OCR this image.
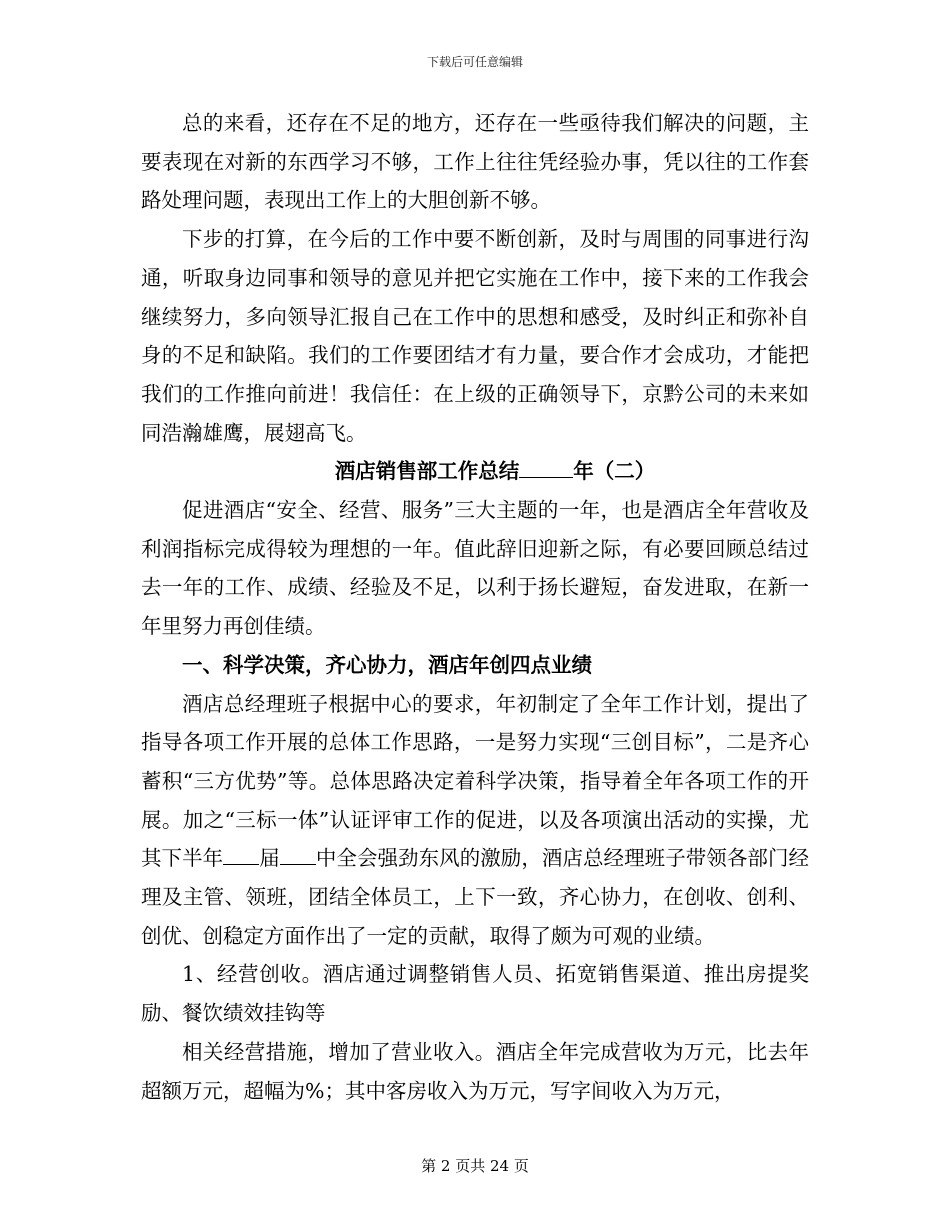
下载后可任意编辑

总的来看，还存在不足的地方，还存在一些亟待我们解决的问题，主要表现在对新的东西学习不够，工作上往往凭经验办事，凭以往的工作套路处理问题，表现出工作上的大胆创新不够。

下步的打算，在今后的工作中要不断创新，及时与周围的同事进行沟通，听取身边同事和领导的意见并把它实施在工作中，接下来的工作我会继续努力，多向领导汇报自己在工作中的思想和感受，及时纠正和弥补自身的不足和缺陷。我们的工作要团结才有力量，要合作才会成功，才能把我们的工作推向前进！我信任：在上级的正确领导下，京黔公司的未来如同浩瀚雄鹰，展翅高飞。

酒店销售部工作总结	年（二）

促进酒店“安全、经营、服务”三大主题的一年，也是酒店全年营收及利润指标完成得较为理想的一年。值此辞旧迎新之际，有必要回顾总结过去一年的工作、成绩、经验及不足，以利于扬长避短，奋发进取，在新一年里努力再创佳绩。

一、科学决策，齐心协力，酒店年创四点业绩

酒店总经理班子根据中心的要求，年初制定了全年工作计划，提出了指导各项工作开展的总体工作思路，一是努力实现“三创目标”，二是齐心蓄积“三方优势”等。总体思路决定着科学决策，指导着全年各项工作的开展。加之“三标一体”认证评审工作的促进，以及各项演出活动的实操，尤其下半年 届 中全会强劲东风的激励，酒店总经理班子带领各部门经理及主管、领班，团结全体员工，上下一致，齐心协力，在创收、创利、创优、创稳定方面作出了一定的贡献，取得了颇为可观的业绩。

1、经营创收。酒店通过调整销售人员、拓宽销售渠道、推出房提奖励、餐饮绩效挂钩等

相关经营措施，增加了营业收入。酒店全年完成营收为万元，比去年超额万元，超幅为%；其中客房收入为万元，写字间收入为万元，

第 2 页共 24 页
